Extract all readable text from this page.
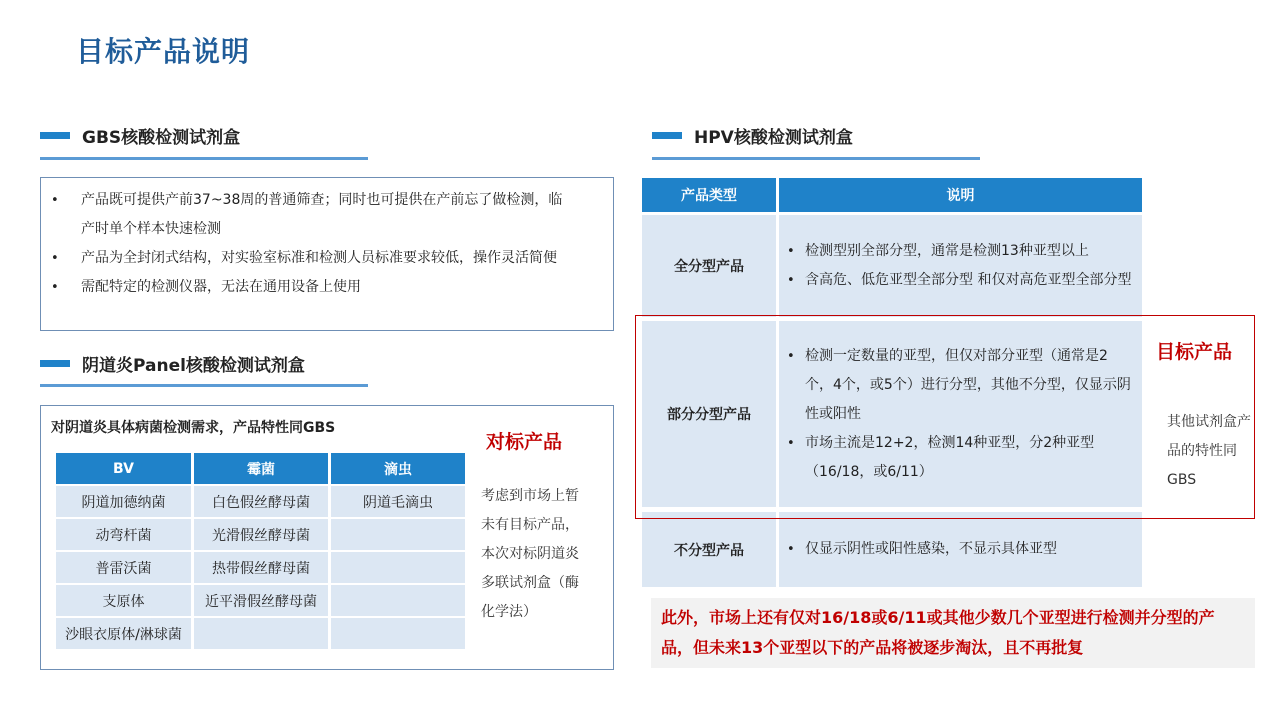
目标产品说明
GBS核酸检测试剂盒
• 产品既可提供产前37~38周的普通筛查；同时也可提供在产前忘了做检测，临产时单个样本快速检测
• 产品为全封闭式结构，对实验室标准和检测人员标准要求较低，操作灵活简便
• 需配特定的检测仪器，无法在通用设备上使用
阴道炎Panel核酸检测试剂盒
对阴道炎具体病菌检测需求，产品特性同GBS
BV	霉菌	滴虫
阴道加德纳菌	白色假丝酵母菌	阴道毛滴虫
动弯杆菌	光滑假丝酵母菌
普雷沃菌	热带假丝酵母菌
支原体	近平滑假丝酵母菌
沙眼衣原体/淋球菌
考虑到市场上暂未有目标产品，本次对标阴道炎多联试剂盒（酶化学法）
对标产品
HPV核酸检测试剂盒
产品类型	说明
全分型产品
• 检测型别全部分型，通常是检测13种亚型以上
• 含高危、低危亚型全部分型 和仅对高危亚型全部分型
部分分型产品
• 检测一定数量的亚型，但仅对部分亚型（通常是2个，4个，或5个）进行分型，其他不分型，仅显示阴性或阳性
• 市场主流是12+2，检测14种亚型，分2种亚型（16/18，或6/11）
不分型产品
•	仅显示阴性或阳性感染，不显示具体亚型
目标产品
其他试剂盒产品的特性同GBS
此外，市场上还有仅对16/18或6/11或其他少数几个亚型进行检测并分型的产品，但未来13个亚型以下的产品将被逐步淘汰，且不再批复
